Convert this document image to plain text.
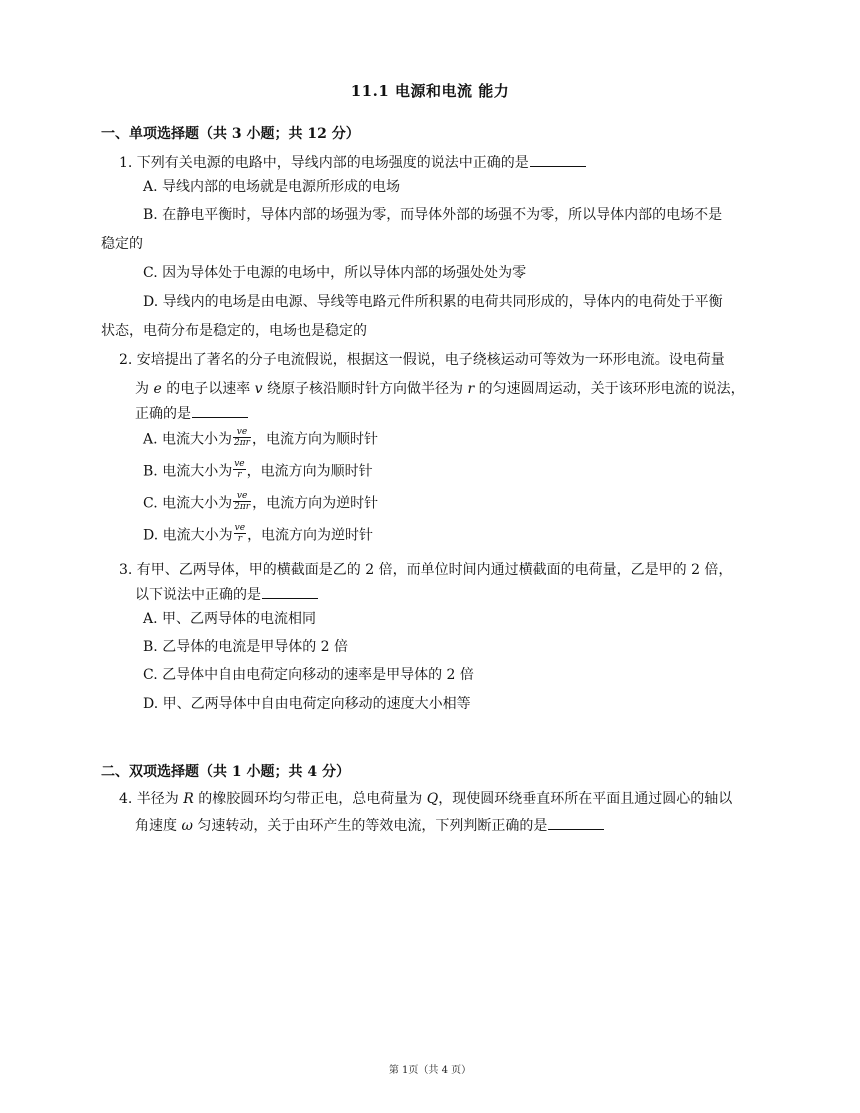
11.1 电源和电流 能力
一、单项选择题（共 3 小题；共 12 分）
1. 下列有关电源的电路中，导线内部的电场强度的说法中正确的是
A. 导线内部的电场就是电源所形成的电场
B. 在静电平衡时，导体内部的场强为零，而导体外部的场强不为零，所以导体内部的电场不是
稳定的
C. 因为导体处于电源的电场中，所以导体内部的场强处处为零
D. 导线内的电场是由电源、导线等电路元件所积累的电荷共同形成的，导体内的电荷处于平衡
状态，电荷分布是稳定的，电场也是稳定的
2. 安培提出了著名的分子电流假说，根据这一假说，电子绕核运动可等效为一环形电流。设电荷量
为 e 的电子以速率 v 绕原子核沿顺时针方向做半径为 r 的匀速圆周运动，关于该环形电流的说法，
正确的是
A. 电流大小为 $\frac{ve}{2\pi r}$ ，电流方向为顺时针
B. 电流大小为 $\frac{ve}{r}$ ，电流方向为顺时针
C. 电流大小为 $\frac{ve}{2\pi r}$ ，电流方向为逆时针
D. 电流大小为 $\frac{ve}{r}$ ，电流方向为逆时针
3. 有甲、乙两导体，甲的横截面是乙的 2 倍，而单位时间内通过横截面的电荷量，乙是甲的 2 倍，
以下说法中正确的是
A. 甲、乙两导体的电流相同
B. 乙导体的电流是甲导体的 2 倍
C. 乙导体中自由电荷定向移动的速率是甲导体的 2 倍
D. 甲、乙两导体中自由电荷定向移动的速度大小相等
二、双项选择题（共 1 小题；共 4 分）
4. 半径为 R 的橡胶圆环均匀带正电，总电荷量为 Q，现使圆环绕垂直环所在平面且通过圆心的轴以
角速度 ω 匀速转动，关于由环产生的等效电流，下列判断正确的是
第 1页（共 4 页）
